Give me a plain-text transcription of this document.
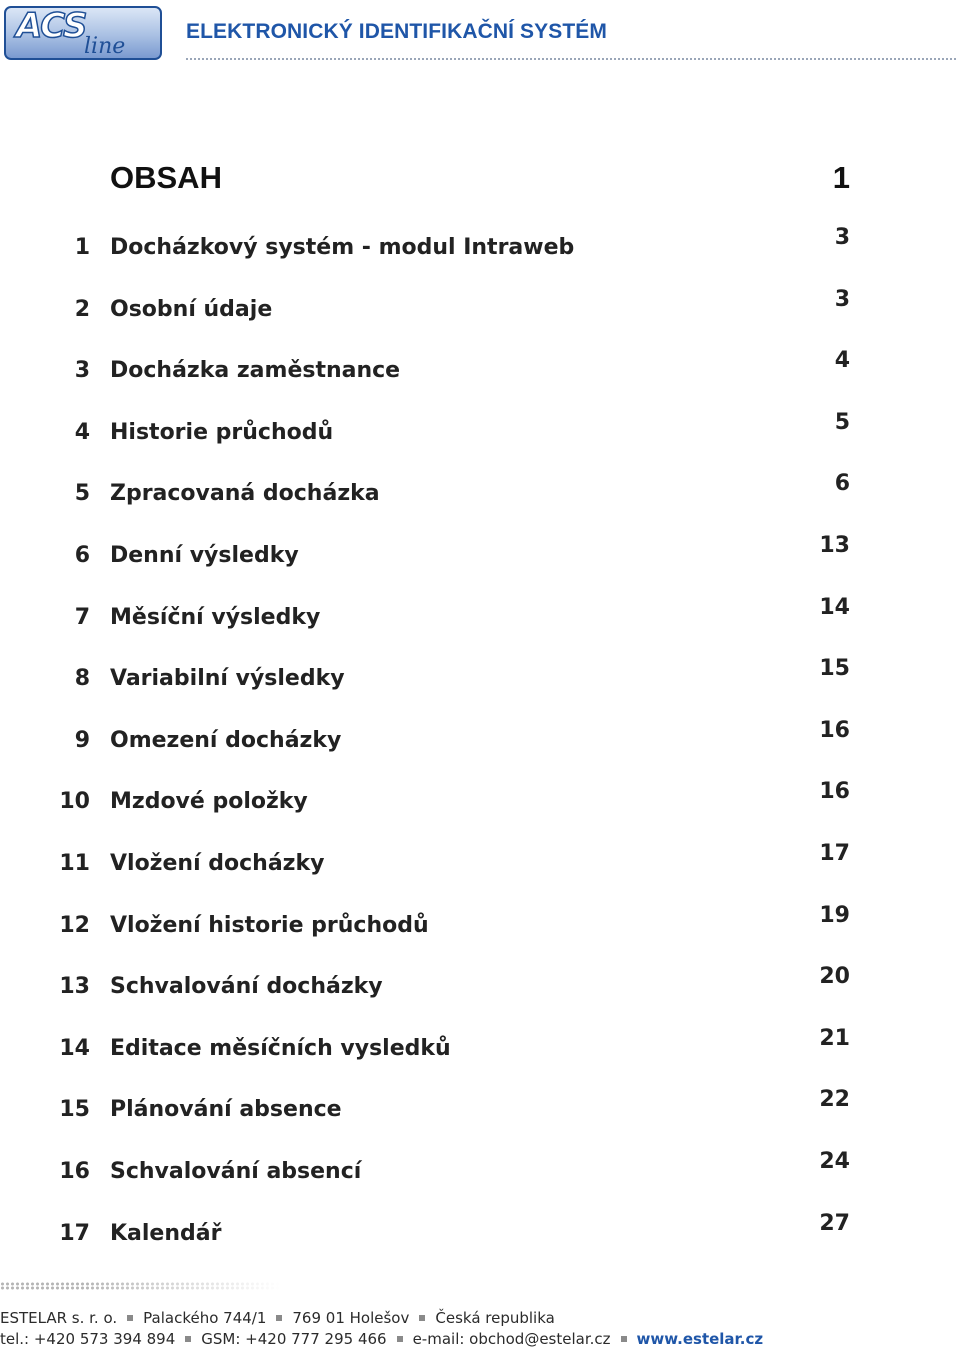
ACS
line
ELEKTRONICKÝ IDENTIFIKAČNÍ SYSTÉM
OBSAH	1
1 Docházkový systém - modul Intraweb	3
2 Osobní údaje	3
3 Docházka zaměstnance	4
4 Historie průchodů	5
5 Zpracovaná docházka	6
6 Denní výsledky	13
7 Měsíční výsledky	14
8 Variabilní výsledky	15
9 Omezení docházky	16
10 Mzdové položky	16
11 Vložení docházky	17
12 Vložení historie průchodů	19
13 Schvalování docházky	20
14 Editace měsíčních vysledků	21
15 Plánování absence	22
16 Schvalování absencí	24
17 Kalendář	27
ESTELAR s. r. o. Palackého 744/1 769 01 Holešov Česká republika
tel.: +420 573 394 894 GSM: +420 777 295 466 e-mail: obchod@estelar.cz www.estelar.cz
